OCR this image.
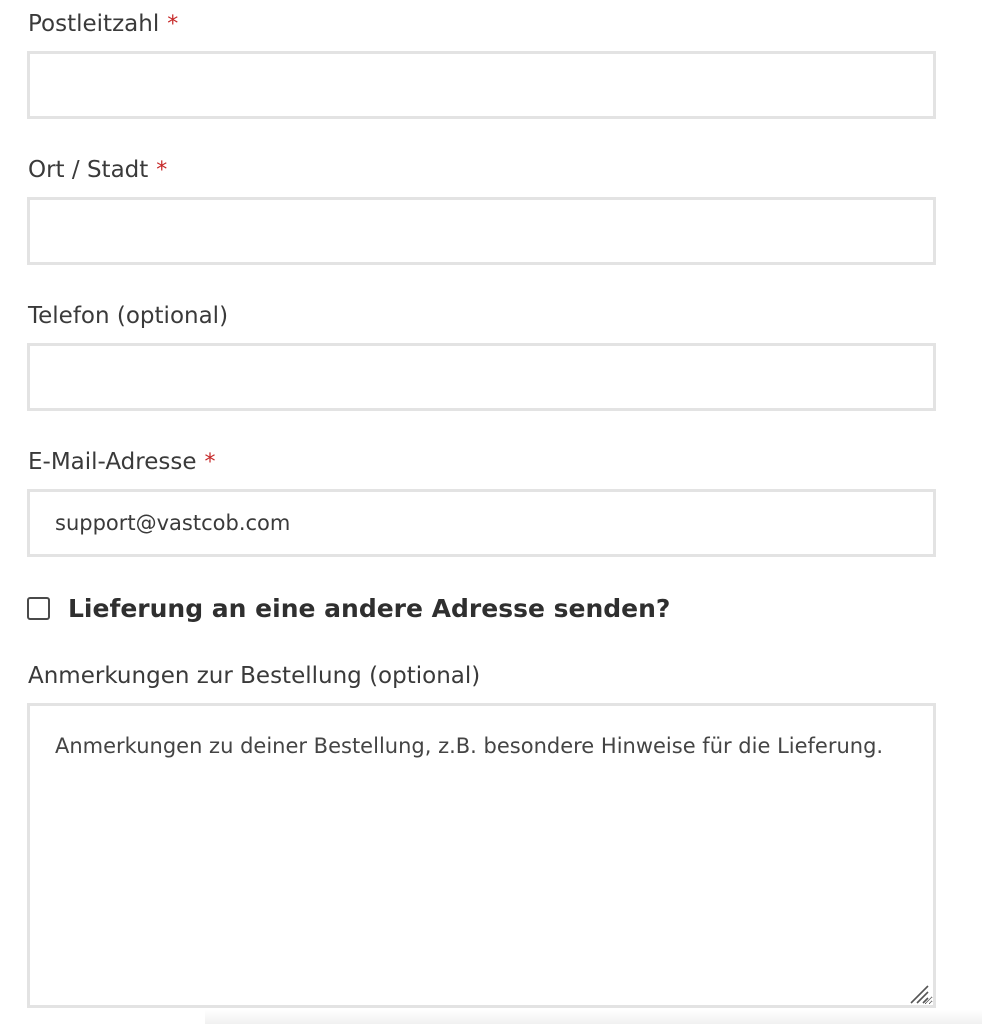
Postleitzahl *
Ort / Stadt *
Telefon (optional)
E-Mail-Adresse *
support@vastcob.com
Lieferung an eine andere Adresse senden?
Anmerkungen zur Bestellung (optional)
Anmerkungen zu deiner Bestellung, z.B. besondere Hinweise für die Lieferung.
